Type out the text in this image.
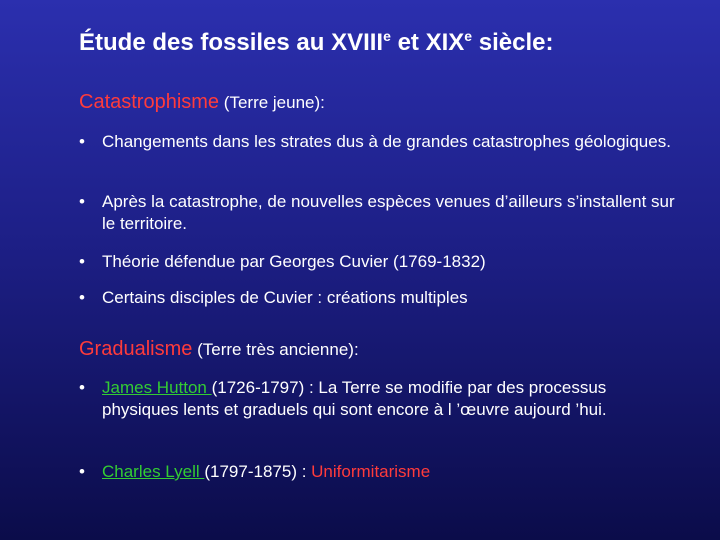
Étude des fossiles au XVIIIe et XIXe siècle:
Catastrophisme (Terre jeune):
•	Changements dans les strates dus à de grandes catastrophes géologiques.
•	Après la catastrophe, de nouvelles espèces venues d’ailleurs s’installent sur le territoire.
•	Théorie défendue par Georges Cuvier (1769-1832)
•	Certains disciples de Cuvier : créations multiples
Gradualisme (Terre très ancienne):
•	James Hutton (1726-1797) : La Terre se modifie par des processus physiques lents et graduels qui sont encore à l ’œuvre aujourd ’hui.
•	Charles Lyell (1797-1875) : Uniformitarisme
